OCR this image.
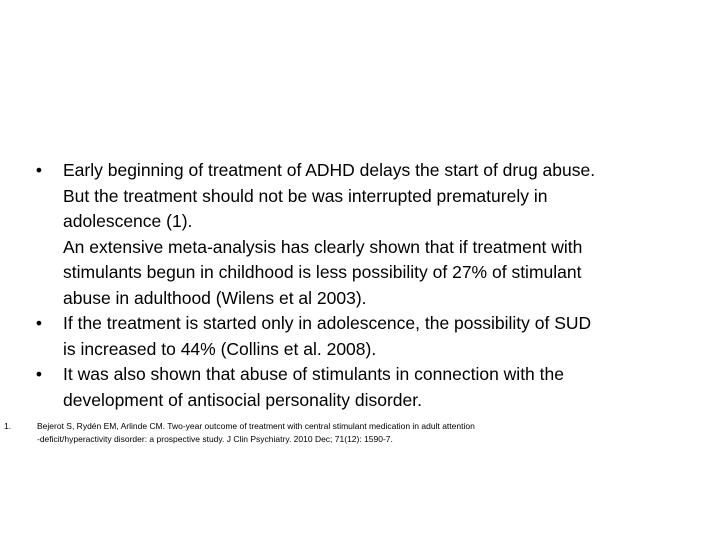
• Early beginning of treatment of ADHD delays the start of drug abuse.
But the treatment should not be was interrupted prematurely in
adolescence (1).
An extensive meta-analysis has clearly shown that if treatment with
stimulants begun in childhood is less possibility of 27% of stimulant
abuse in adulthood (Wilens et al 2003).
• If the treatment is started only in adolescence, the possibility of SUD
is increased to 44% (Collins et al. 2008).
• It was also shown that abuse of stimulants in connection with the
development of antisocial personality disorder.
1.	Bejerot S, Rydén EM, Arlinde CM. Two-year outcome of treatment with central stimulant medication in adult attention
-deficit/hyperactivity disorder: a prospective study. J Clin Psychiatry. 2010 Dec; 71(12): 1590-7.
